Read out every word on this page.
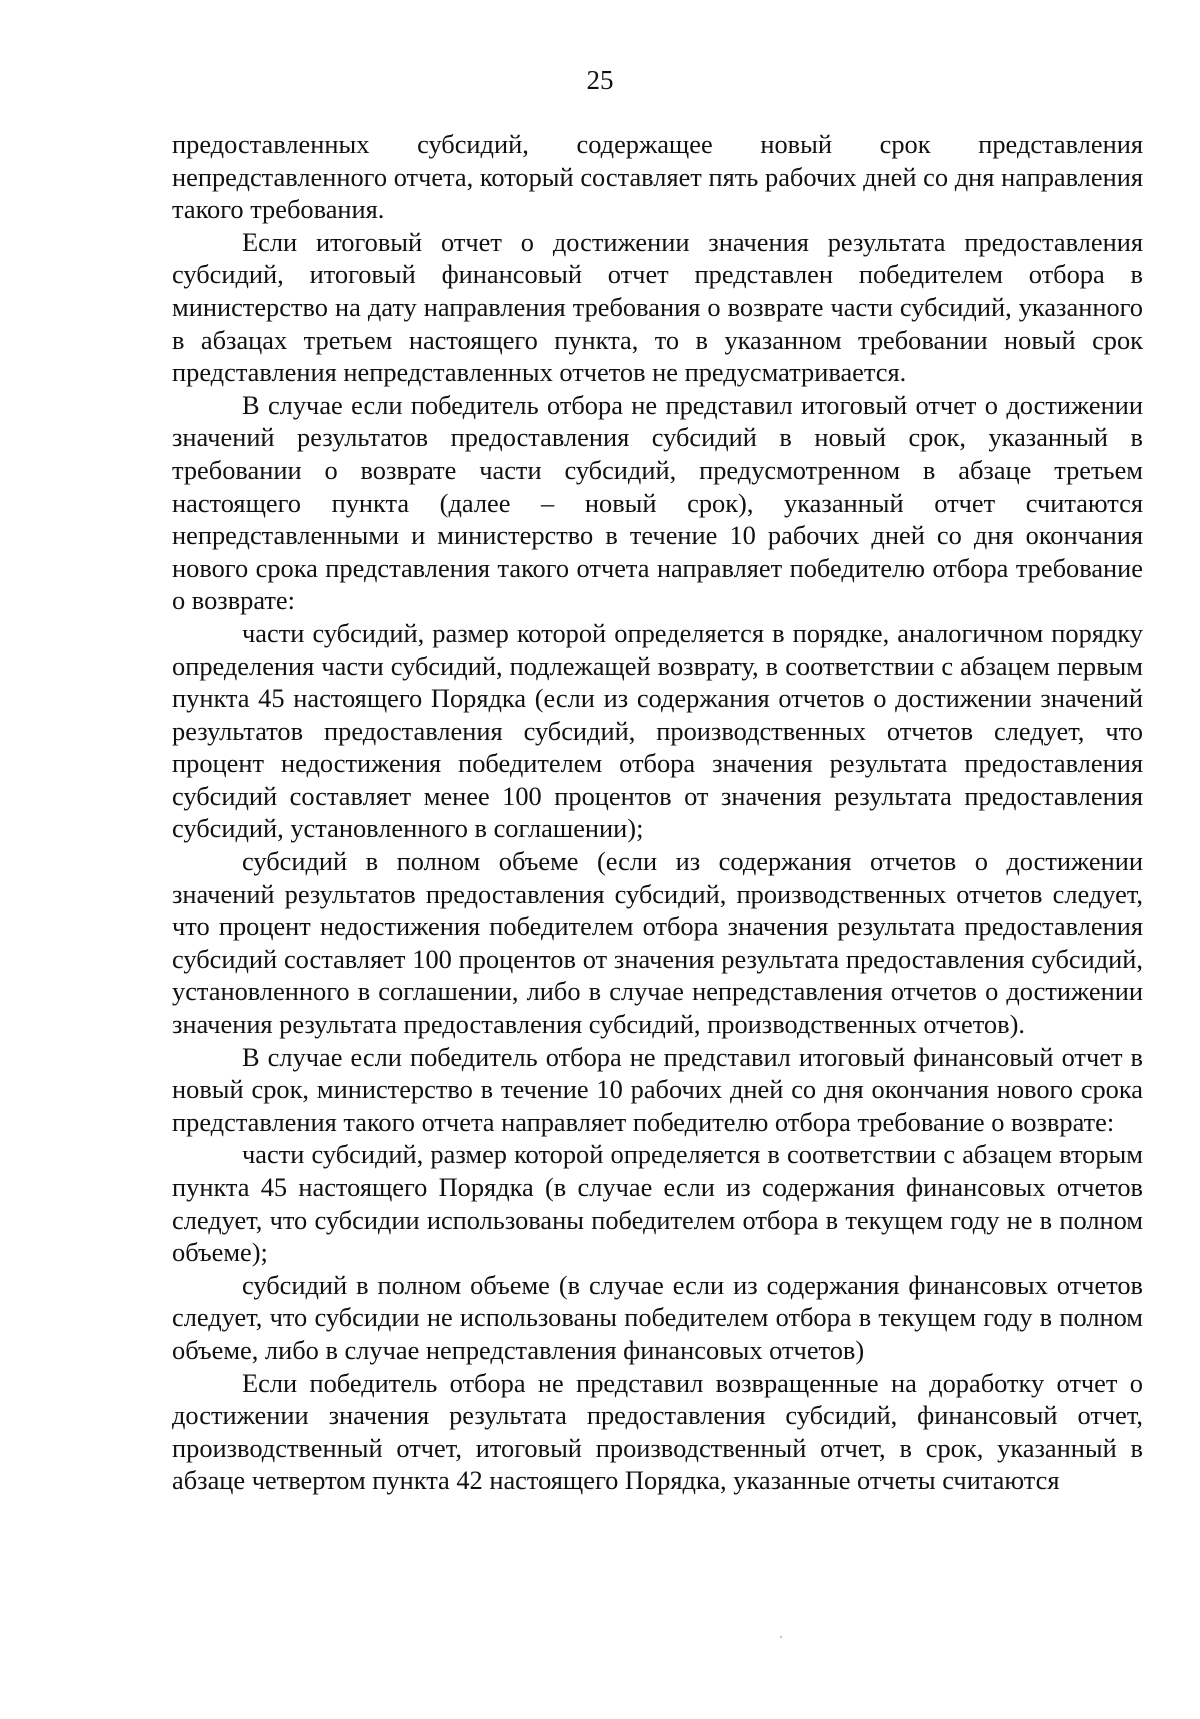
25

предоставленных субсидий, содержащее новый срок представления непредставленного отчета, который составляет пять рабочих дней со дня направления такого требования.

Если итоговый отчет о достижении значения результата предоставления субсидий, итоговый финансовый отчет представлен победителем отбора в министерство на дату направления требования о возврате части субсидий, указанного в абзацах третьем настоящего пункта, то в указанном требовании новый срок представления непредставленных отчетов не предусматривается.

В случае если победитель отбора не представил итоговый отчет о достижении значений результатов предоставления субсидий в новый срок, указанный в требовании о возврате части субсидий, предусмотренном в абзаце третьем настоящего пункта (далее – новый срок), указанный отчет считаются непредставленными и министерство в течение 10 рабочих дней со дня окончания нового срока представления такого отчета направляет победителю отбора требование о возврате:

части субсидий, размер которой определяется в порядке, аналогичном порядку определения части субсидий, подлежащей возврату, в соответствии с абзацем первым пункта 45 настоящего Порядка (если из содержания отчетов о достижении значений результатов предоставления субсидий, производственных отчетов следует, что процент недостижения победителем отбора значения результата предоставления субсидий составляет менее 100 процентов от значения результата предоставления субсидий, установленного в соглашении);

субсидий в полном объеме (если из содержания отчетов о достижении значений результатов предоставления субсидий, производственных отчетов следует, что процент недостижения победителем отбора значения результата предоставления субсидий составляет 100 процентов от значения результата предоставления субсидий, установленного в соглашении, либо в случае непредставления отчетов о достижении значения результата предоставления субсидий, производственных отчетов).

В случае если победитель отбора не представил итоговый финансовый отчет в новый срок, министерство в течение 10 рабочих дней со дня окончания нового срока представления такого отчета направляет победителю отбора требование о возврате:

части субсидий, размер которой определяется в соответствии с абзацем вторым пункта 45 настоящего Порядка (в случае если из содержания финансовых отчетов следует, что субсидии использованы победителем отбора в текущем году не в полном объеме);

субсидий в полном объеме (в случае если из содержания финансовых отчетов следует, что субсидии не использованы победителем отбора в текущем году в полном объеме, либо в случае непредставления финансовых отчетов)

Если победитель отбора не представил возвращенные на доработку отчет о достижении значения результата предоставления субсидий, финансовый отчет, производственный отчет, итоговый производственный отчет, в срок, указанный в абзаце четвертом пункта 42 настоящего Порядка, указанные отчеты считаются
